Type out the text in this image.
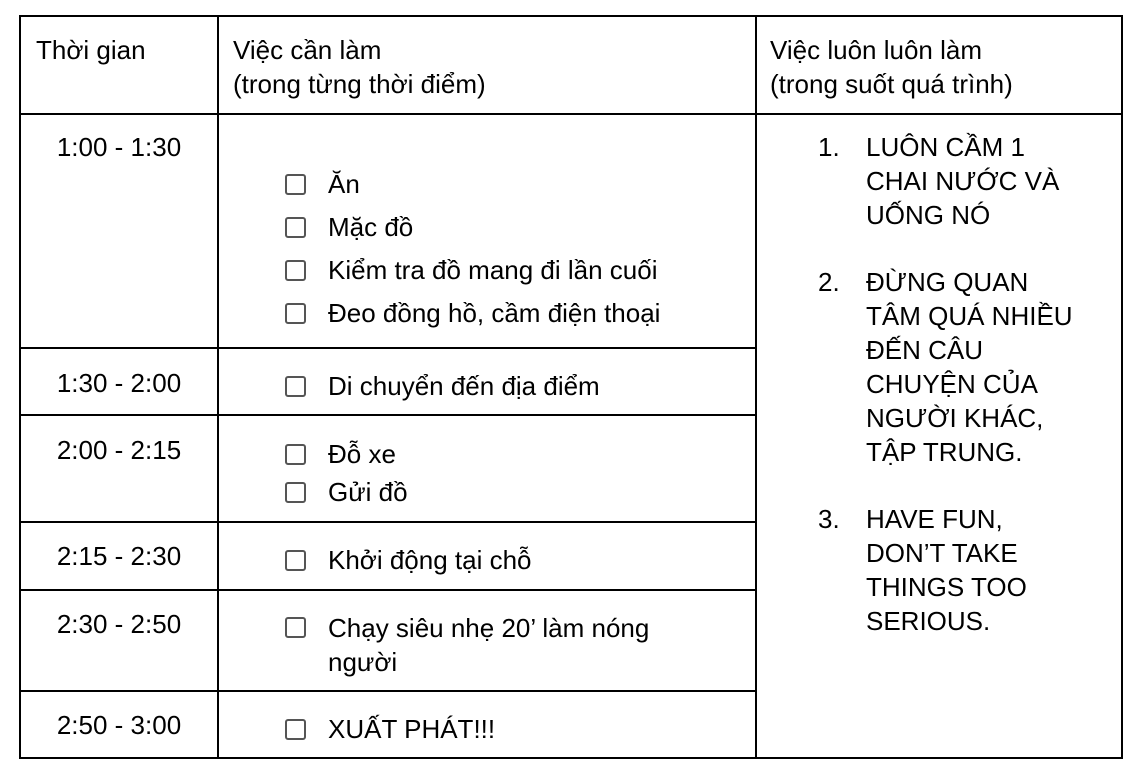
Thời gian	Việc cần làm
(trong từng thời điểm)
Việc luôn luôn làm
(trong suốt quá trình)
1:00 - 1:30
1:30 - 2:00
2:00 - 2:15
2:15 - 2:30
2:30 - 2:50
2:50 - 3:00
Ăn
Mặc đồ
Kiểm tra đồ mang đi lần cuối
Đeo đồng hồ, cầm điện thoại
Di chuyển đến địa điểm
Đỗ xe
Gửi đồ
Khởi động tại chỗ
Chạy siêu nhẹ 20’ làm nóng người
XUẤT PHÁT!!!
1. LUÔN CẦM 1
CHAI NƯỚC VÀ
UỐNG NÓ
2. ĐỪNG QUAN
TÂM QUÁ NHIỀU
ĐẾN CÂU
CHUYỆN CỦA
NGƯỜI KHÁC,
TẬP TRUNG.
3. HAVE FUN,
DON’T TAKE
THINGS TOO
SERIOUS.
